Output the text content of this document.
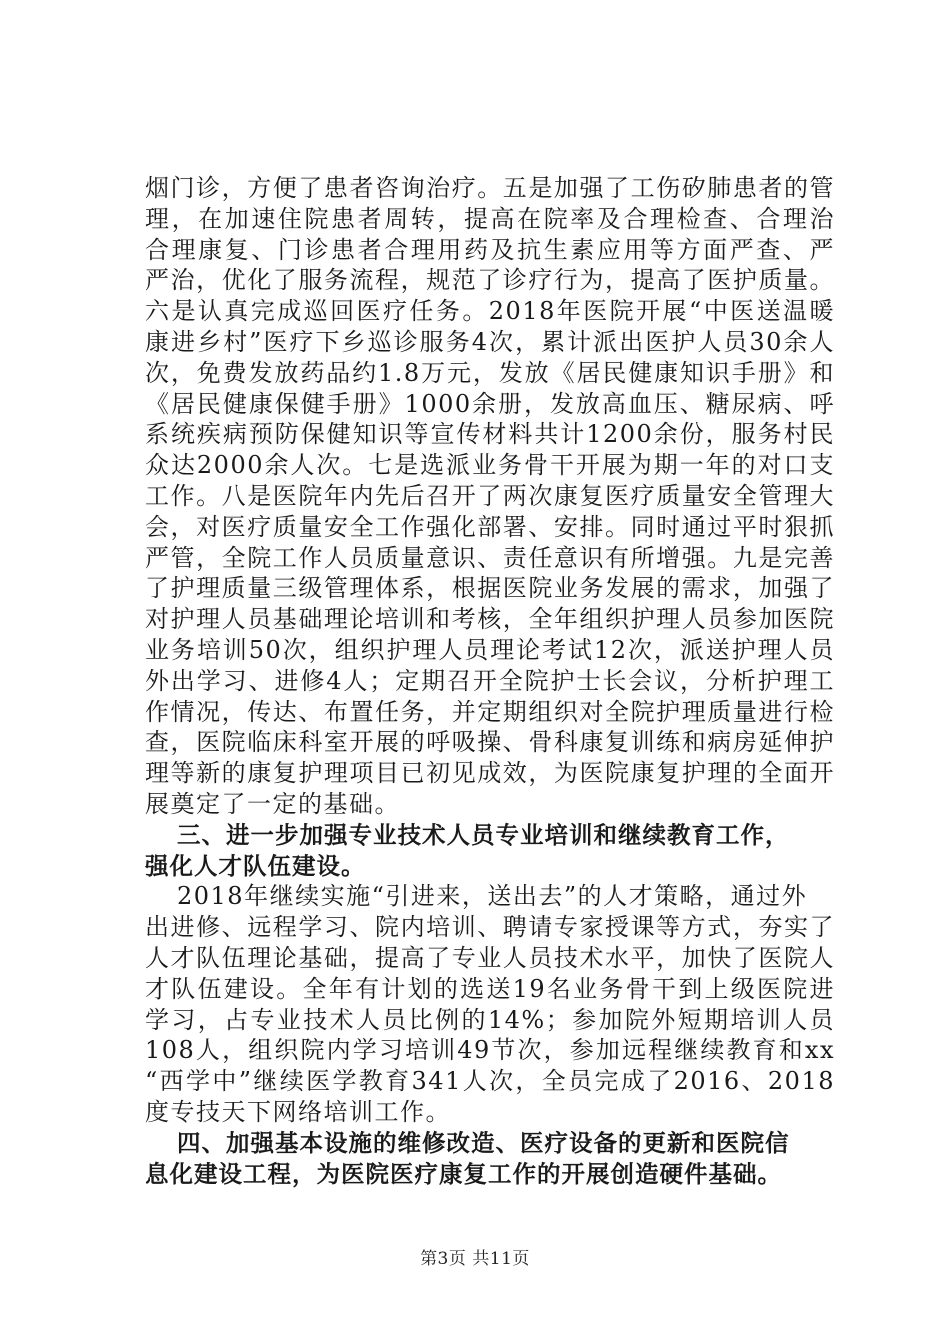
烟门诊，方便了患者咨询治疗。五是加强了工伤矽肺患者的管
理，在加速住院患者周转，提高在院率及合理检查、合理治
合理康复、门诊患者合理用药及抗生素应用等方面严查、严
严治，优化了服务流程，规范了诊疗行为，提高了医护质量。
六是认真完成巡回医疗任务。2018年医院开展“中医送温暖
康进乡村”医疗下乡巡诊服务4次，累计派出医护人员30余人
次，免费发放药品约1.8万元，发放《居民健康知识手册》和
《居民健康保健手册》1000余册，发放高血压、糖尿病、呼
系统疾病预防保健知识等宣传材料共计1200余份，服务村民
众达2000余人次。七是选派业务骨干开展为期一年的对口支
工作。八是医院年内先后召开了两次康复医疗质量安全管理大
会，对医疗质量安全工作强化部署、安排。同时通过平时狠抓
严管，全院工作人员质量意识、责任意识有所增强。九是完善
了护理质量三级管理体系，根据医院业务发展的需求，加强了
对护理人员基础理论培训和考核，全年组织护理人员参加医院
业务培训50次，组织护理人员理论考试12次，派送护理人员
外出学习、进修4人；定期召开全院护士长会议，分析护理工
作情况，传达、布置任务，并定期组织对全院护理质量进行检
查，医院临床科室开展的呼吸操、骨科康复训练和病房延伸护
理等新的康复护理项目已初见成效，为医院康复护理的全面开
展奠定了一定的基础。
三、进一步加强专业技术人员专业培训和继续教育工作，
强化人才队伍建设。
2018年继续实施“引进来，送出去”的人才策略，通过外
出进修、远程学习、院内培训、聘请专家授课等方式，夯实了
人才队伍理论基础，提高了专业人员技术水平，加快了医院人
才队伍建设。全年有计划的选送19名业务骨干到上级医院进
学习，占专业技术人员比例的14%；参加院外短期培训人员
108人，组织院内学习培训49节次，参加远程继续教育和xx
“西学中”继续医学教育341人次，全员完成了2016、2018
度专技天下网络培训工作。
四、加强基本设施的维修改造、医疗设备的更新和医院信
息化建设工程，为医院医疗康复工作的开展创造硬件基础。
第3页 共11页
